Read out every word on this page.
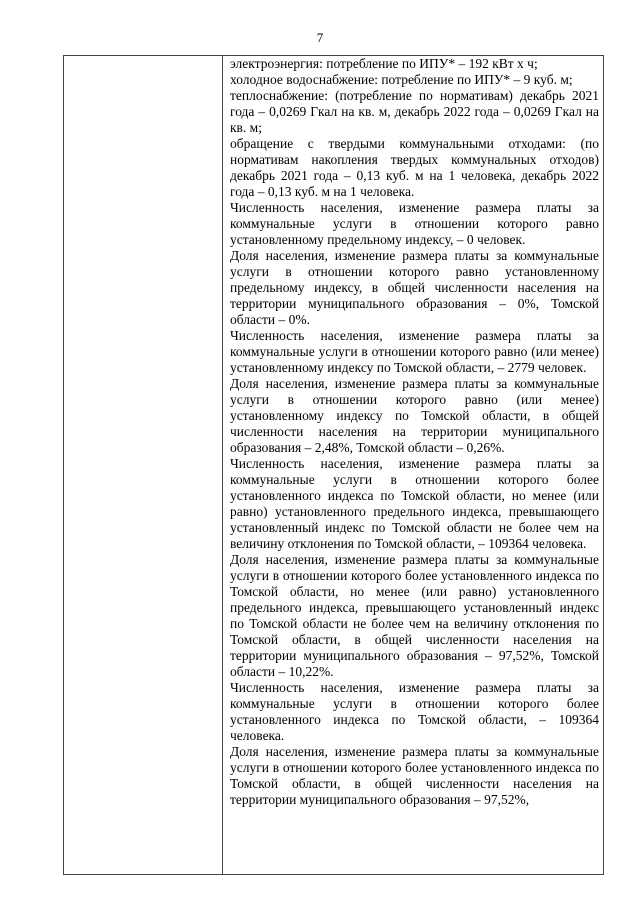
7

электроэнергия: потребление по ИПУ* – 192 кВт х ч;

холодное водоснабжение: потребление по ИПУ* – 9 куб. м;

теплоснабжение: (потребление по нормативам) декабрь 2021 года – 0,0269 Гкал на кв. м, декабрь 2022 года – 0,0269 Гкал на кв. м;

обращение с твердыми коммунальными отходами: (по нормативам накопления твердых коммунальных отходов) декабрь 2021 года – 0,13 куб. м на 1 человека, декабрь 2022 года – 0,13 куб. м на 1 человека.

Численность населения, изменение размера платы за коммунальные услуги в отношении которого равно установленному предельному индексу, – 0 человек.

Доля населения, изменение размера платы за коммунальные услуги в отношении которого равно установленному предельному индексу, в общей численности населения на территории муниципального образования – 0%, Томской области – 0%.

Численность населения, изменение размера платы за коммунальные услуги в отношении которого равно (или менее) установленному индексу по Томской области, – 2779 человек.

Доля населения, изменение размера платы за коммунальные услуги в отношении которого равно (или менее) установленному индексу по Томской области, в общей численности населения на территории муниципального образования – 2,48%, Томской области – 0,26%.

Численность населения, изменение размера платы за коммунальные услуги в отношении которого более установленного индекса по Томской области, но менее (или равно) установленного предельного индекса, превышающего установленный индекс по Томской области не более чем на величину отклонения по Томской области, – 109364 человека.

Доля населения, изменение размера платы за коммунальные услуги в отношении которого более установленного индекса по Томской области, но менее (или равно) установленного предельного индекса, превышающего установленный индекс по Томской области не более чем на величину отклонения по Томской области, в общей численности населения на территории муниципального образования – 97,52%, Томской области – 10,22%.

Численность населения, изменение размера платы за коммунальные услуги в отношении которого более установленного индекса по Томской области, – 109364 человека.

Доля населения, изменение размера платы за коммунальные услуги в отношении которого более установленного индекса по Томской области, в общей численности населения на территории муниципального образования – 97,52%,
